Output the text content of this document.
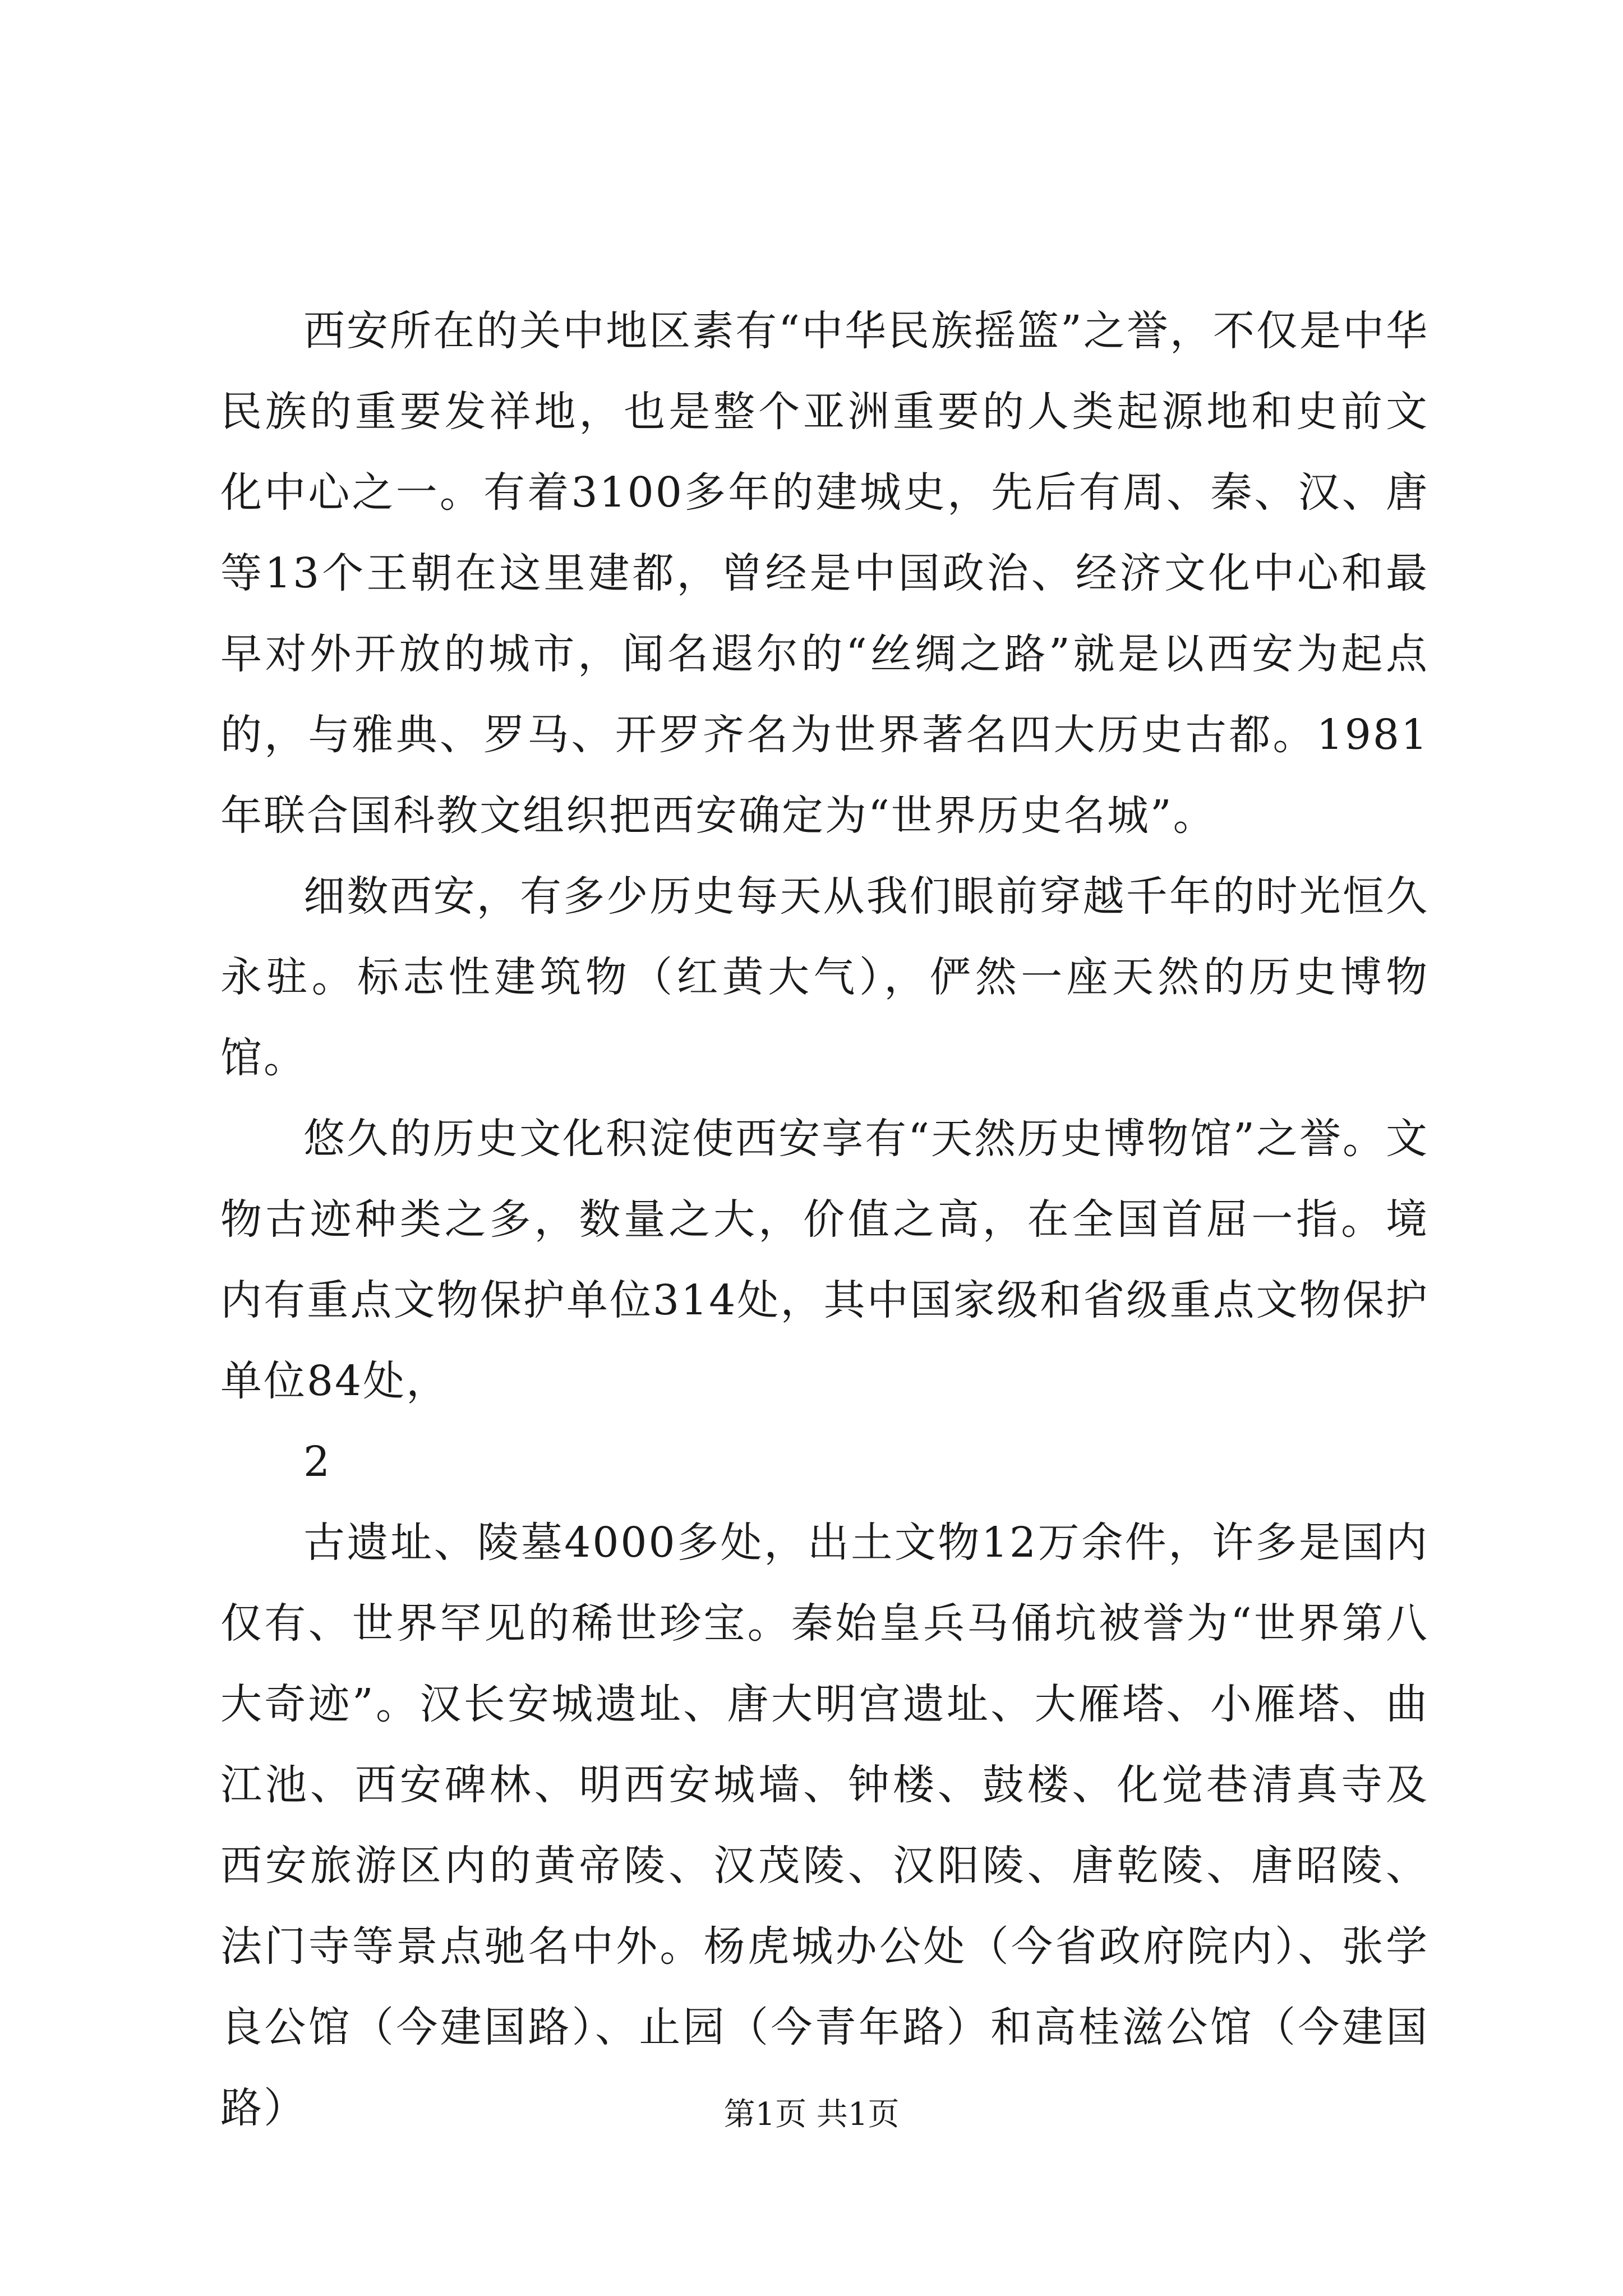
西安所在的关中地区素有“中华民族摇篮”之誉，不仅是中华民族的重要发祥地，也是整个亚洲重要的人类起源地和史前文化中心之一。有着3100多年的建城史，先后有周、秦、汉、唐等13个王朝在这里建都，曾经是中国政治、经济文化中心和最早对外开放的城市，闻名遐尔的“丝绸之路”就是以西安为起点的，与雅典、罗马、开罗齐名为世界著名四大历史古都。1981年联合国科教文组织把西安确定为“世界历史名城”。

细数西安，有多少历史每天从我们眼前穿越千年的时光恒久永驻。标志性建筑物（红黄大气），俨然一座天然的历史博物馆。

悠久的历史文化积淀使西安享有“天然历史博物馆”之誉。文物古迹种类之多，数量之大，价值之高，在全国首屈一指。境内有重点文物保护单位314处，其中国家级和省级重点文物保护单位84处，

2

古遗址、陵墓4000多处，出土文物12万余件，许多是国内仅有、世界罕见的稀世珍宝。秦始皇兵马俑坑被誉为“世界第八大奇迹”。汉长安城遗址、唐大明宫遗址、大雁塔、小雁塔、曲江池、西安碑林、明西安城墙、钟楼、鼓楼、化觉巷清真寺及西安旅游区内的黄帝陵、汉茂陵、汉阳陵、唐乾陵、唐昭陵、法门寺等景点驰名中外。杨虎城办公处（今省政府院内）、张学良公馆（今建国路）、止园（今青年路）和高桂滋公馆（今建国路）	第1页 共1页
